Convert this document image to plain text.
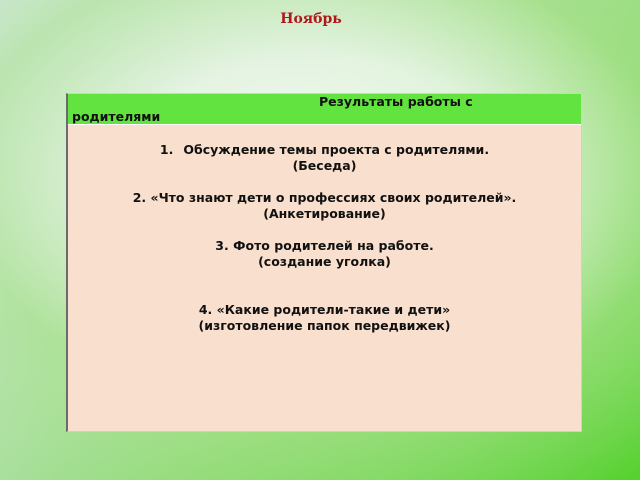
Ноябрь
Результаты работы с
родителями
1. Обсуждение темы проекта с родителями.
(Беседа)
2. «Что знают дети о профессиях своих родителей».
(Анкетирование)
3. Фото родителей на работе.
(создание уголка)
4. «Какие родители-такие и дети»
(изготовление папок передвижек)
